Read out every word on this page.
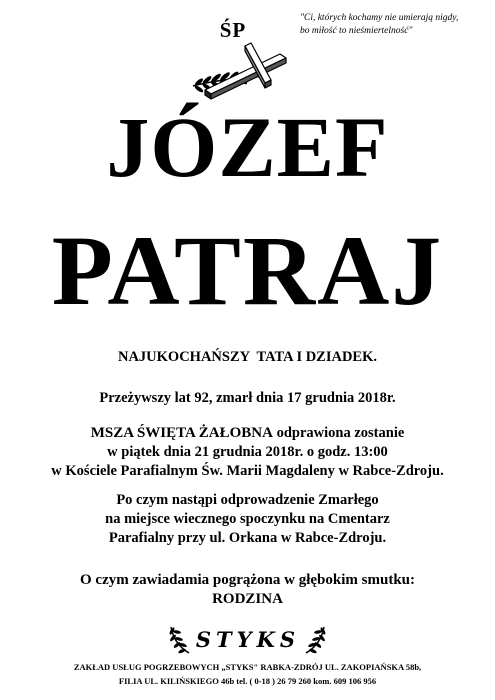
ŚP	"Ci, których kochamy nie umierają nigdy,
bo miłość to nieśmiertelność"
JÓZEF
PATRAJ
NAJUKOCHAŃSZY  TATA I DZIADEK.
Przeżywszy lat 92, zmarł dnia 17 grudnia 2018r.
MSZA ŚWIĘTA ŻAŁOBNA odprawiona zostanie
w piątek dnia 21 grudnia 2018r. o godz. 13:00
w Kościele Parafialnym Św. Marii Magdaleny w Rabce-Zdroju.
Po czym nastąpi odprowadzenie Zmarłego
na miejsce wiecznego spoczynku na Cmentarz
Parafialny przy ul. Orkana w Rabce-Zdroju.
O czym zawiadamia pogrążona w głębokim smutku:
RODZINA
STYKS
ZAKŁAD USŁUG POGRZEBOWYCH „STYKS" RABKA-ZDRÓJ UL. ZAKOPIAŃSKA 58b,
FILIA UL. KILIŃSKIEGO 46b tel. ( 0-18 ) 26 79 260 kom. 609 106 956
